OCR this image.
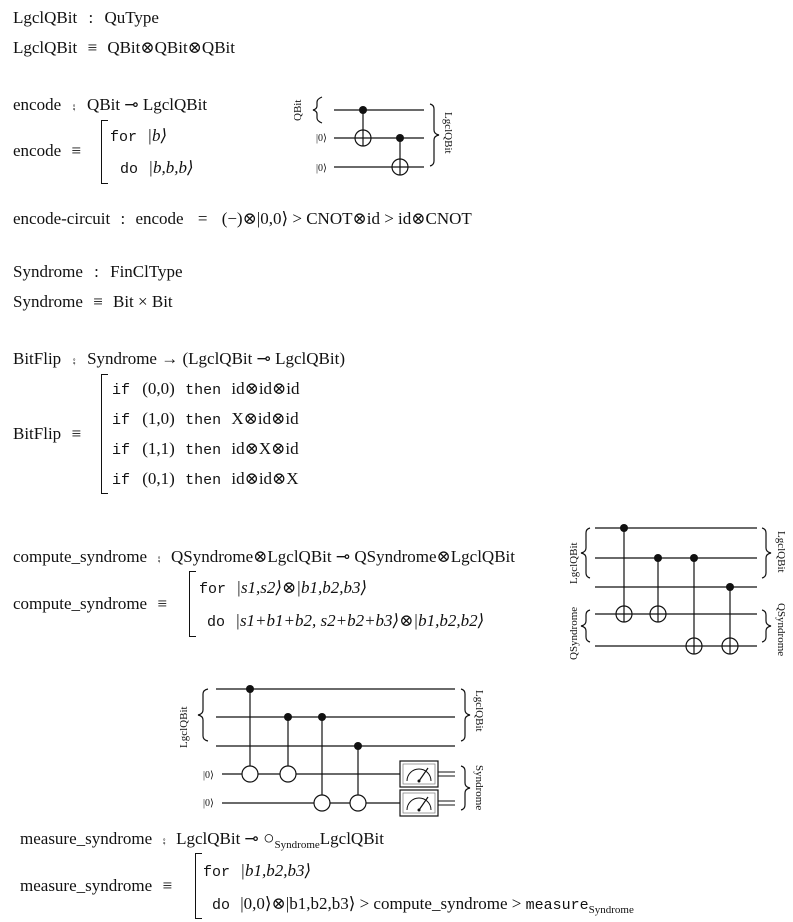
LgclQBit : QuType
LgclQBit ≡ QBit⊗QBit⊗QBit
encode ⨾ QBit ⊸ LgclQBit
encode ≡
for |b⟩
do |b,b,b⟩
QBit
|0⟩
|0⟩
LgclQBit
encode-circuit : encode = (−)⊗|0,0⟩ > CNOT⊗id > id⊗CNOT
Syndrome : FinClType
Syndrome ≡ Bit × Bit
BitFlip ⨾ Syndrome → (LgclQBit ⊸ LgclQBit)
BitFlip ≡
if (0,0) then id⊗id⊗id
if (1,0) then X⊗id⊗id
if (1,1) then id⊗X⊗id
if (0,1) then id⊗id⊗X
compute_syndrome ⨾ QSyndrome⊗LgclQBit ⊸ QSyndrome⊗LgclQBit
compute_syndrome ≡
for |s1,s2⟩⊗|b1,b2,b3⟩
do |s1+b1+b2, s2+b2+b3⟩⊗|b1,b2,b2⟩
LgclQBit
QSyndrome
LgclQBit
QSyndrome
LgclQBit
|0⟩
|0⟩
LgclQBit
Syndrome
measure_syndrome ⨾ LgclQBit ⊸ $○_{Syndrome}LgclQBit$
measure_syndrome ≡
for |b1,b2,b3⟩
do |0,0⟩⊗|b1,b2,b3⟩ > compute_syndrome > measure$_{Syndrome}$
